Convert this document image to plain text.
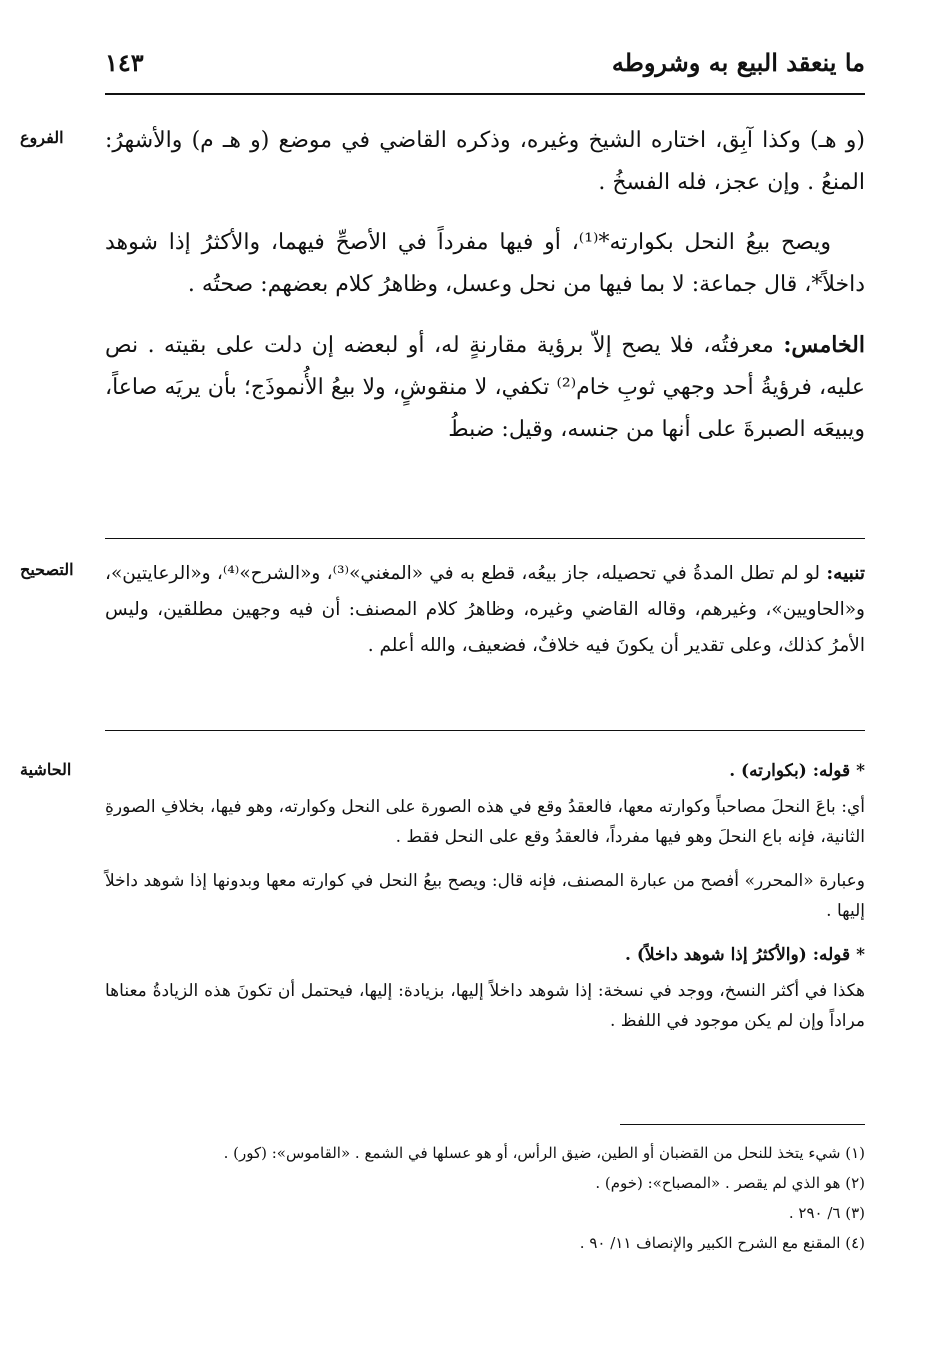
ما ينعقد البيع به وشروطه
١٤٣
الفروع	(و هـ) وكذا آبِق، اختاره الشيخ وغيره، وذكره القاضي في موضع (و هـ م) والأشهرُ: المنعُ . وإن عجز، فله الفسخُ .

ويصح بيعُ النحل بكوارته*⁽¹⁾، أو فيها مفرداً في الأصحِّ فيهما، والأكثرُ إذا شوهد داخلاً*، قال جماعة: لا بما فيها من نحل وعسل، وظاهرُ كلام بعضهم: صحتُه .

الخامس: معرفتُه، فلا يصح إلاّ برؤية مقارنةٍ له، أو لبعضه إن دلت على بقيته . نص عليه، فرؤيةُ أحد وجهي ثوبِ خام⁽²⁾ تكفي، لا منقوشٍ، ولا بيعُ الأُنموذَج؛ بأن يريَه صاعاً، ويبيعَه الصبرةَ على أنها من جنسه، وقيل: ضبطُ

التصحيح	تنبيه: لو لم تطل المدةُ في تحصيله، جاز بيعُه، قطع به في «المغني»⁽³⁾، و«الشرح»⁽⁴⁾، و«الرعايتين»، و«الحاويين»، وغيرهم، وقاله القاضي وغيره، وظاهرُ كلام المصنف: أن فيه وجهين مطلقين، وليس الأمرُ كذلك، وعلى تقدير أن يكونَ فيه خلافٌ، فضعيف، والله أعلم .
الحاشية	* قوله: (بكوارته) .

أي: باعَ النحلَ مصاحباً وكوارته معها، فالعقدُ وقع في هذه الصورة على النحل وكوارته، وهو فيها، بخلافِ الصورةِ الثانية، فإنه باع النحلَ وهو فيها مفرداً، فالعقدُ وقع على النحل فقط .

وعبارة «المحرر» أفصح من عبارة المصنف، فإنه قال: ويصح بيعُ النحل في كوارته معها وبدونها إذا شوهد داخلاً إليها .

* قوله: (والأكثرُ إذا شوهد داخلاً) .

هكذا في أكثر النسخ، ووجد في نسخة: إذا شوهد داخلاً إليها، بزيادة: إليها، فيحتمل أن تكونَ هذه الزيادةُ معناها مراداً وإن لم يكن موجود في اللفظ .

(١) شيء يتخذ للنحل من القضبان أو الطين، ضيق الرأس، أو هو عسلها في الشمع . «القاموس»: (كور) .

(٢) هو الذي لم يقصر . «المصباح»: (خوم) .

(٣) ٦/ ٢٩٠ .

(٤) المقنع مع الشرح الكبير والإنصاف ١١/ ٩٠ .
